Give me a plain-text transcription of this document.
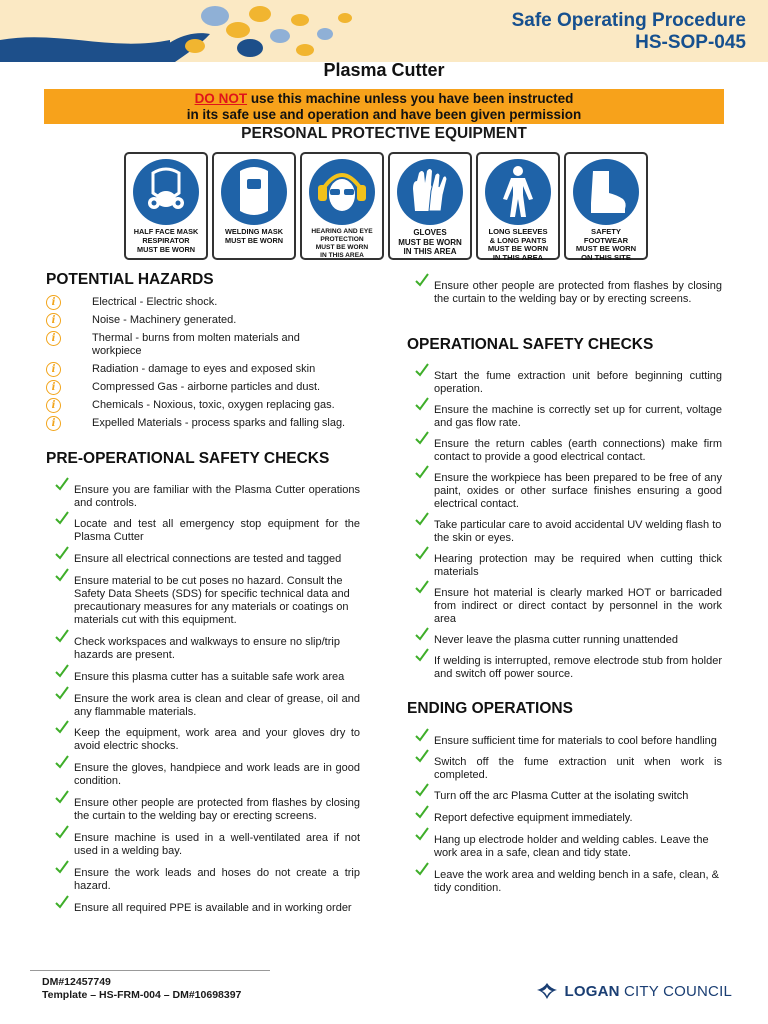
Safe Operating Procedure
HS-SOP-045
Plasma Cutter
DO NOT use this machine unless you have been instructed
in its safe use and operation and have been given permission
PERSONAL PROTECTIVE EQUIPMENT
HALF FACE MASK
RESPIRATOR
MUST BE WORN
WELDING MASK
MUST BE WORN
HEARING AND EYE
PROTECTION
MUST BE WORN
IN THIS AREA
GLOVES
MUST BE WORN
IN THIS AREA
LONG SLEEVES
& LONG PANTS
MUST BE WORN
IN THIS AREA
SAFETY
FOOTWEAR
MUST BE WORN
ON THIS SITE
POTENTIAL HAZARDS
i	Electrical - Electric shock.
i	Noise - Machinery generated.
i	Thermal - burns from molten materials and workpiece
i	Radiation - damage to eyes and exposed skin
i	Compressed Gas - airborne particles and dust.
i	Chemicals - Noxious, toxic, oxygen replacing gas.
i	Expelled Materials - process sparks and falling slag.
PRE-OPERATIONAL SAFETY CHECKS
Ensure you are familiar with the Plasma Cutter operations and controls.
Locate and test all emergency stop equipment for the Plasma Cutter
Ensure all electrical connections are tested and tagged
Ensure material to be cut poses no hazard. Consult the Safety Data Sheets (SDS) for specific technical data and precautionary measures for any materials or coatings on materials cut with this equipment.
Check workspaces and walkways to ensure no slip/trip hazards are present.
Ensure this plasma cutter has a suitable safe work area
Ensure the work area is clean and clear of grease, oil and any flammable materials.
Keep the equipment, work area and your gloves dry to avoid electric shocks.
Ensure the gloves, handpiece and work leads are in good condition.
Ensure other people are protected from flashes by closing the curtain to the welding bay or erecting screens.
Ensure machine is used in a well-ventilated area if not used in a welding bay.
Ensure the work leads and hoses do not create a trip hazard.
Ensure all required PPE is available and in working order
Ensure other people are protected from flashes by closing the curtain to the welding bay or by erecting screens.
OPERATIONAL SAFETY CHECKS
Start the fume extraction unit before beginning cutting operation.
Ensure the machine is correctly set up for current, voltage and gas flow rate.
Ensure the return cables (earth connections) make firm contact to provide a good electrical contact.
Ensure the workpiece has been prepared to be free of any paint, oxides or other surface finishes ensuring a good electrical contact.
Take particular care to avoid accidental UV welding flash to the skin or eyes.
Hearing protection may be required when cutting thick materials
Ensure hot material is clearly marked HOT or barricaded from indirect or direct contact by personnel in the work area
Never leave the plasma cutter running unattended
If welding is interrupted, remove electrode stub from holder and switch off power source.
ENDING OPERATIONS
Ensure sufficient time for materials to cool before handling
Switch off the fume extraction unit when work is completed.
Turn off the arc Plasma Cutter at the isolating switch
Report defective equipment immediately.
Hang up electrode holder and welding cables. Leave the work area in a safe, clean and tidy state.
Leave the work area and welding bench in a safe, clean, & tidy condition.
DM#12457749
Template – HS-FRM-004 – DM#10698397	LOGAN CITY COUNCIL
